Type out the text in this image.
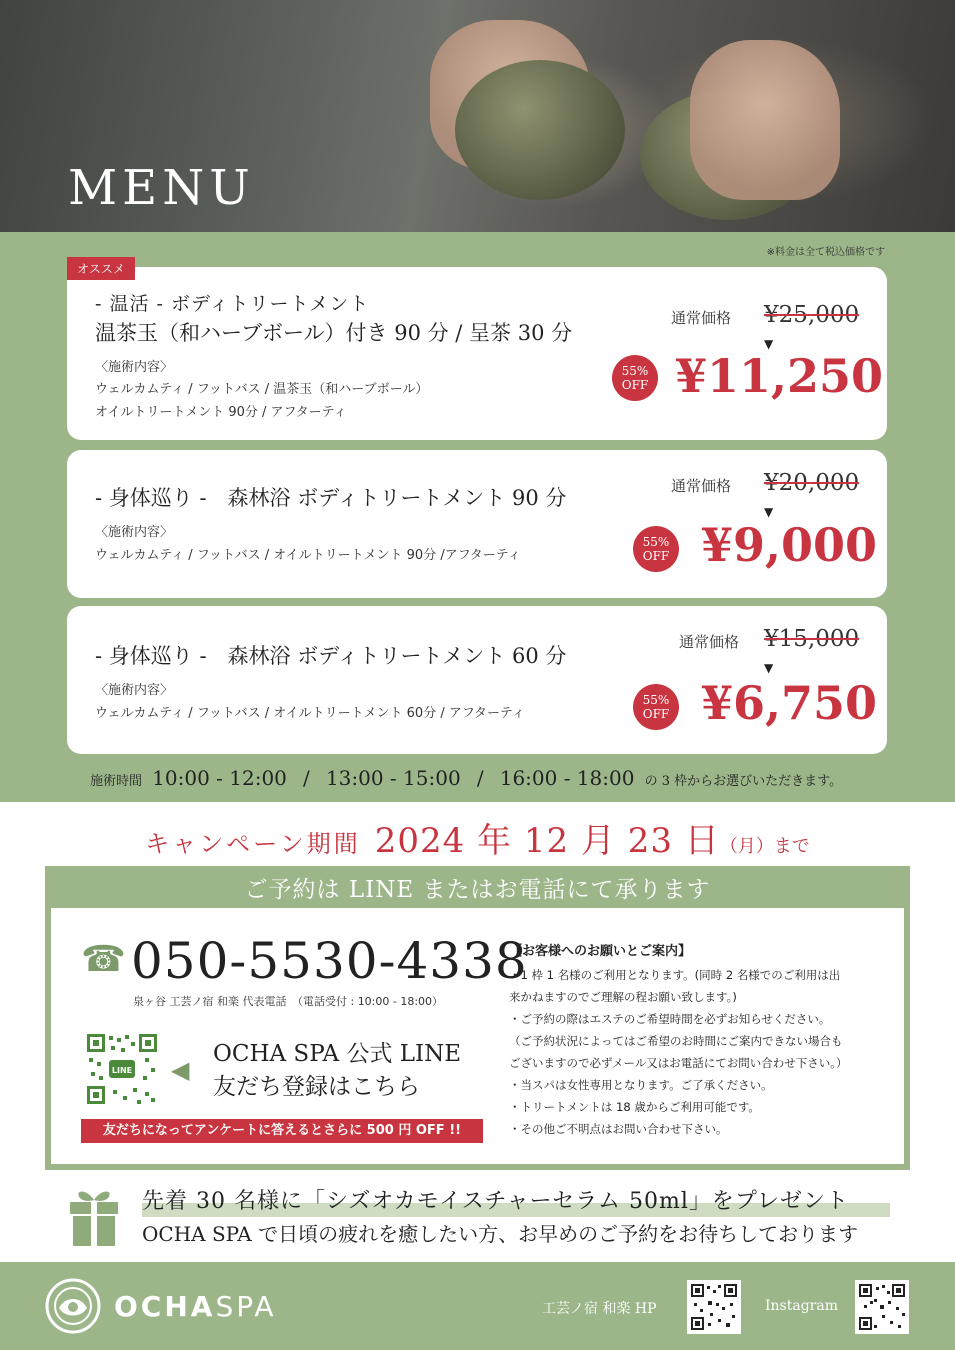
MENU
※料金は全て税込価格です
オススメ
- 温活 - ボディトリートメント
温茶玉（和ハーブボール）付き 90 分 / 呈茶 30 分
〈施術内容〉
ウェルカムティ / フットバス / 温茶玉（和ハーブボール）
オイルトリートメント 90分 / アフターティ
通常価格 ¥25,000
▼
55%
OFF ¥11,250
- 身体巡り -　森林浴 ボディトリートメント 90 分
〈施術内容〉
ウェルカムティ / フットバス / オイルトリートメント 90分 /アフターティ
通常価格 ¥20,000
▼
55%
OFF ¥9,000
- 身体巡り -　森林浴 ボディトリートメント 60 分
〈施術内容〉
ウェルカムティ / フットバス / オイルトリートメント 60分 / アフターティ
通常価格 ¥15,000
▼
55%
OFF ¥6,750
施術時間 10:00 - 12:00 / 13:00 - 15:00 / 16:00 - 18:00 の 3 枠からお選びいただきます。
キャンペーン期間 2024 年 12 月 23 日（月）まで
ご予約は LINE またはお電話にて承ります
☎ 050-5530-4338
泉ヶ谷 工芸ノ宿 和楽 代表電話　（電話受付 : 10:00 - 18:00）
LINE ◀
OCHA SPA 公式 LINE
友だち登録はこちら
友だちになってアンケートに答えるとさらに 500 円 OFF !!
【お客様へのお願いとご案内】
・1 枠 1 名様のご利用となります。(同時 2 名様でのご利用は出
来かねますのでご理解の程お願い致します。)
・ご予約の際はエステのご希望時間を必ずお知らせください。
（ご予約状況によってはご希望のお時間にご案内できない場合も
ございますので必ずメール又はお電話にてお問い合わせ下さい。）
・当スパは女性専用となります。ご了承ください。
・トリートメントは 18 歳からご利用可能です。
・その他ご不明点はお問い合わせ下さい。
先着 30 名様に「シズオカモイスチャーセラム 50ml」をプレゼント
OCHA SPA で日頃の疲れを癒したい方、お早めのご予約をお待ちしております
OCHASPA	工芸ノ宿 和楽 HP	Instagram
